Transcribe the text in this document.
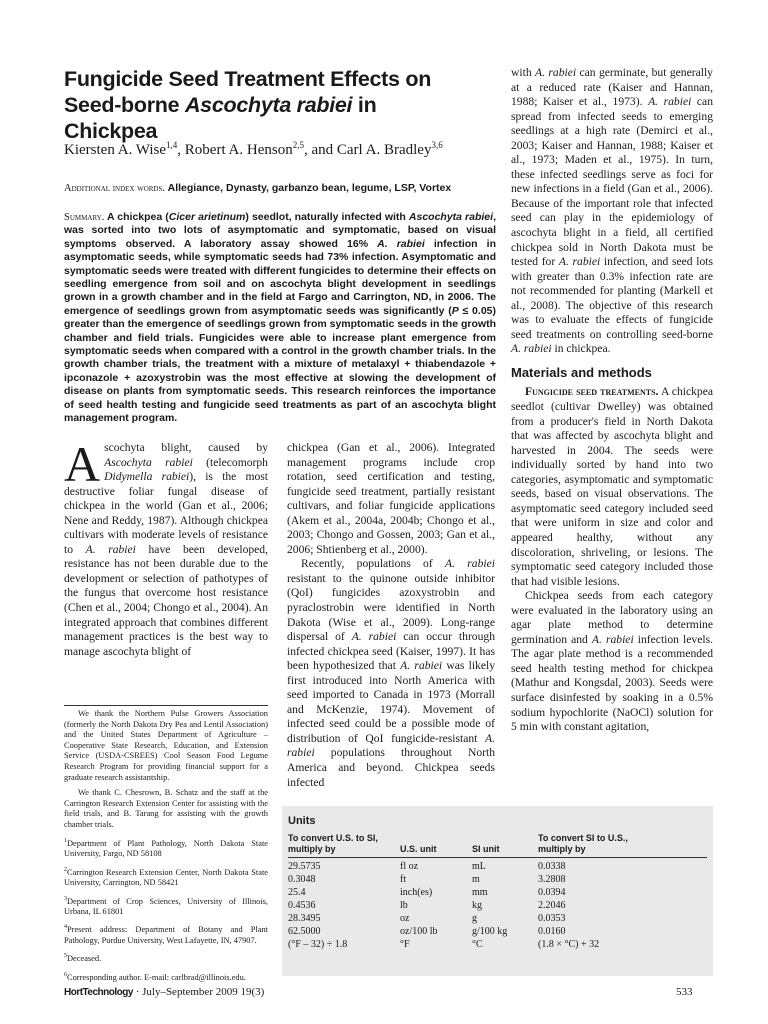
Fungicide Seed Treatment Effects on
Seed-borne Ascochyta rabiei in Chickpea
Kiersten A. Wise$^{1,4}$, Robert A. Henson$^{2,5}$, and Carl A. Bradley$^{3,6}$
Additional index words. Allegiance, Dynasty, garbanzo bean, legume, LSP, Vortex
Summary. A chickpea (Cicer arietinum) seedlot, naturally infected with Ascochyta rabiei, was sorted into two lots of asymptomatic and symptomatic, based on visual symptoms observed. A laboratory assay showed 16% A. rabiei infection in asymptomatic seeds, while symptomatic seeds had 73% infection. Asymptomatic and symptomatic seeds were treated with different fungicides to determine their effects on seedling emergence from soil and on ascochyta blight development in seedlings grown in a growth chamber and in the field at Fargo and Carrington, ND, in 2006. The emergence of seedlings grown from asymptomatic seeds was significantly (P ≤ 0.05) greater than the emergence of seedlings grown from symptomatic seeds in the growth chamber and field trials. Fungicides were able to increase plant emergence from symptomatic seeds when compared with a control in the growth chamber trials. In the growth chamber trials, the treatment with a mixture of metalaxyl + thiabendazole + ipconazole + azoxystrobin was the most effective at slowing the development of disease on plants from symptomatic seeds. This research reinforces the importance of seed health testing and fungicide seed treatments as part of an ascochyta blight management program.

Ascochyta blight, caused by Ascochyta rabiei (telecomorph Didymella rabiei), is the most destructive foliar fungal disease of chickpea in the world (Gan et al., 2006; Nene and Reddy, 1987). Although chickpea cultivars with moderate levels of resistance to A. rabiei have been developed, resistance has not been durable due to the development or selection of pathotypes of the fungus that overcome host resistance (Chen et al., 2004; Chongo et al., 2004). An integrated approach that combines different management practices is the best way to manage ascochyta blight of

We thank the Northern Pulse Growers Association (formerly the North Dakota Dry Pea and Lentil Association) and the United States Department of Agriculture – Cooperative State Research, Education, and Extension Service (USDA-CSREES) Cool Season Food Legume Research Program for providing financial support for a graduate research assistantship.

We thank C. Chesrown, B. Schatz and the staff at the Carrington Research Extension Center for assisting with the field trials, and B. Tarang for assisting with the growth chamber trials.

$^1$Department of Plant Pathology, North Dakota State University, Fargo, ND 58108

$^2$Carrington Research Extension Center, North Dakota State University, Carrington, ND 58421

$^3$Department of Crop Sciences, University of Illinois, Urbana, IL 61801

$^4$Present address: Department of Botany and Plant Pathology, Purdue University, West Lafayette, IN, 47907.

$^5$Deceased.

$^6$Corresponding author. E-mail: carlbrad@illinois.edu.

chickpea (Gan et al., 2006). Integrated management programs include crop rotation, seed certification and testing, fungicide seed treatment, partially resistant cultivars, and foliar fungicide applications (Akem et al., 2004a, 2004b; Chongo et al., 2003; Chongo and Gossen, 2003; Gan et al., 2006; Shtienberg et al., 2000).

Recently, populations of A. rabiei resistant to the quinone outside inhibitor (QoI) fungicides azoxystrobin and pyraclostrobin were identified in North Dakota (Wise et al., 2009). Long-range dispersal of A. rabiei can occur through infected chickpea seed (Kaiser, 1997). It has been hypothesized that A. rabiei was likely first introduced into North America with seed imported to Canada in 1973 (Morrall and McKenzie, 1974). Movement of infected seed could be a possible mode of distribution of QoI fungicide-resistant A. rabiei populations throughout North America and beyond. Chickpea seeds infected

with A. rabiei can germinate, but generally at a reduced rate (Kaiser and Hannan, 1988; Kaiser et al., 1973). A. rabiei can spread from infected seeds to emerging seedlings at a high rate (Demirci et al., 2003; Kaiser and Hannan, 1988; Kaiser et al., 1973; Maden et al., 1975). In turn, these infected seedlings serve as foci for new infections in a field (Gan et al., 2006). Because of the important role that infected seed can play in the epidemiology of ascochyta blight in a field, all certified chickpea sold in North Dakota must be tested for A. rabiei infection, and seed lots with greater than 0.3% infection rate are not recommended for planting (Markell et al., 2008). The objective of this research was to evaluate the effects of fungicide seed treatments on controlling seed-borne A. rabiei in chickpea.

Materials and methods

Fungicide seed treatments. A chickpea seedlot (cultivar Dwelley) was obtained from a producer's field in North Dakota that was affected by ascochyta blight and harvested in 2004. The seeds were individually sorted by hand into two categories, asymptomatic and symptomatic seeds, based on visual observations. The asymptomatic seed category included seed that were uniform in size and color and appeared healthy, without any discoloration, shriveling, or lesions. The symptomatic seed category included those that had visible lesions.

Chickpea seeds from each category were evaluated in the laboratory using an agar plate method to determine germination and A. rabiei infection levels. The agar plate method is a recommended seed health testing method for chickpea (Mathur and Kongsdal, 2003). Seeds were surface disinfested by soaking in a 0.5% sodium hypochlorite (NaOCl) solution for 5 min with constant agitation,

Units
To convert U.S. to SI,
multiply by	U.S. unit	SI unit
To convert SI to U.S.,
multiply by
29.5735	fl oz	mL	0.0338
0.3048	ft	m	3.2808
25.4	inch(es)	mm	0.0394
0.4536	lb	kg	2.2046
28.3495	oz	g	0.0353
62.5000	oz/100 lb	g/100 kg	0.0160
(°F – 32) ÷ 1.8	°F	°C	(1.8 × °C) + 32
HortTechnology · July–September 2009 19(3)	533
